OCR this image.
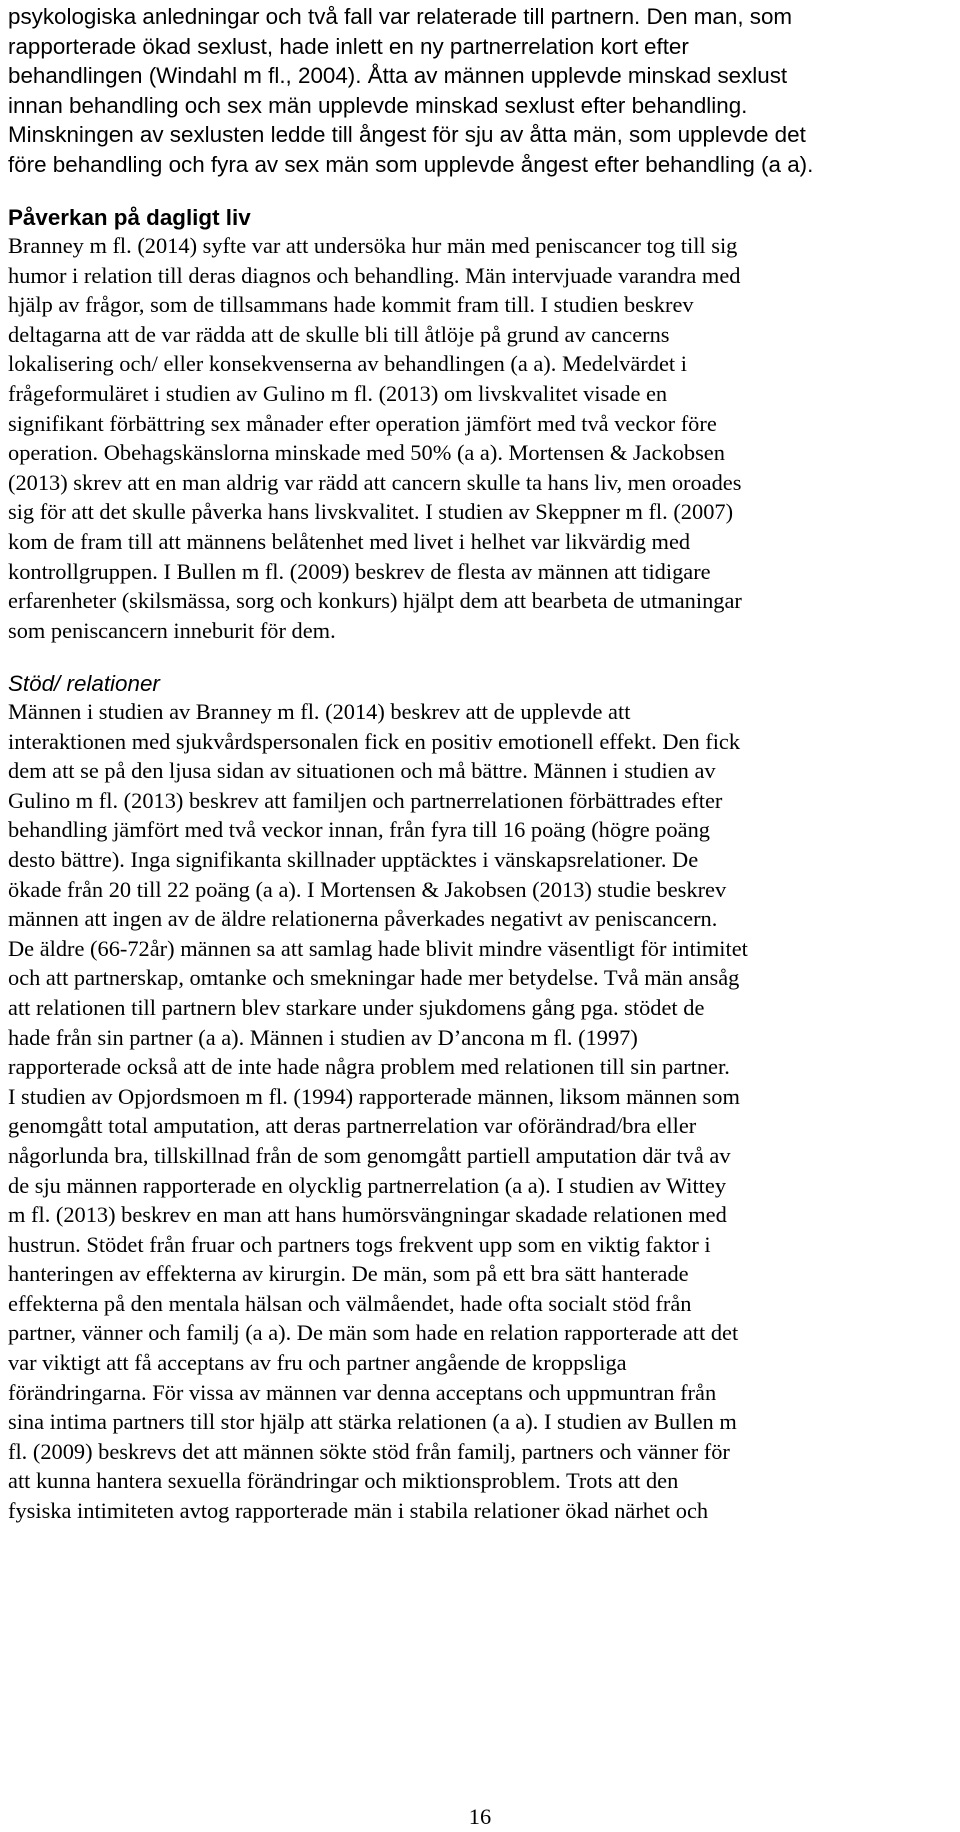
psykologiska anledningar och två fall var relaterade till partnern. Den man, som
rapporterade ökad sexlust, hade inlett en ny partnerrelation kort efter
behandlingen (Windahl m fl., 2004). Åtta av männen upplevde minskad sexlust
innan behandling och sex män upplevde minskad sexlust efter behandling.
Minskningen av sexlusten ledde till ångest för sju av åtta män, som upplevde det
före behandling och fyra av sex män som upplevde ångest efter behandling (a a).
Påverkan på dagligt liv
Branney m fl. (2014) syfte var att undersöka hur män med peniscancer tog till sig
humor i relation till deras diagnos och behandling. Män intervjuade varandra med
hjälp av frågor, som de tillsammans hade kommit fram till. I studien beskrev
deltagarna att de var rädda att de skulle bli till åtlöje på grund av cancerns
lokalisering och/ eller konsekvenserna av behandlingen (a a). Medelvärdet i
frågeformuläret i studien av Gulino m fl. (2013) om livskvalitet visade en
signifikant förbättring sex månader efter operation jämfört med två veckor före
operation. Obehagskänslorna minskade med 50% (a a). Mortensen & Jackobsen
(2013) skrev att en man aldrig var rädd att cancern skulle ta hans liv, men oroades
sig för att det skulle påverka hans livskvalitet. I studien av Skeppner m fl. (2007)
kom de fram till att männens belåtenhet med livet i helhet var likvärdig med
kontrollgruppen. I Bullen m fl. (2009) beskrev de flesta av männen att tidigare
erfarenheter (skilsmässa, sorg och konkurs) hjälpt dem att bearbeta de utmaningar
som peniscancern inneburit för dem.
Stöd/ relationer
Männen i studien av Branney m fl. (2014) beskrev att de upplevde att
interaktionen med sjukvårdspersonalen fick en positiv emotionell effekt. Den fick
dem att se på den ljusa sidan av situationen och må bättre. Männen i studien av
Gulino m fl. (2013) beskrev att familjen och partnerrelationen förbättrades efter
behandling jämfört med två veckor innan, från fyra till 16 poäng (högre poäng
desto bättre). Inga signifikanta skillnader upptäcktes i vänskapsrelationer. De
ökade från 20 till 22 poäng (a a). I Mortensen & Jakobsen (2013) studie beskrev
männen att ingen av de äldre relationerna påverkades negativt av peniscancern.
De äldre (66-72år) männen sa att samlag hade blivit mindre väsentligt för intimitet
och att partnerskap, omtanke och smekningar hade mer betydelse. Två män ansåg
att relationen till partnern blev starkare under sjukdomens gång pga. stödet de
hade från sin partner (a a). Männen i studien av D’ancona m fl. (1997)
rapporterade också att de inte hade några problem med relationen till sin partner.
I studien av Opjordsmoen m fl. (1994) rapporterade männen, liksom männen som
genomgått total amputation, att deras partnerrelation var oförändrad/bra eller
någorlunda bra, tillskillnad från de som genomgått partiell amputation där två av
de sju männen rapporterade en olycklig partnerrelation (a a). I studien av Wittey
m fl. (2013) beskrev en man att hans humörsvängningar skadade relationen med
hustrun. Stödet från fruar och partners togs frekvent upp som en viktig faktor i
hanteringen av effekterna av kirurgin. De män, som på ett bra sätt hanterade
effekterna på den mentala hälsan och välmåendet, hade ofta socialt stöd från
partner, vänner och familj (a a). De män som hade en relation rapporterade att det
var viktigt att få acceptans av fru och partner angående de kroppsliga
förändringarna. För vissa av männen var denna acceptans och uppmuntran från
sina intima partners till stor hjälp att stärka relationen (a a). I studien av Bullen m
fl. (2009) beskrevs det att männen sökte stöd från familj, partners och vänner för
att kunna hantera sexuella förändringar och miktionsproblem. Trots att den
fysiska intimiteten avtog rapporterade män i stabila relationer ökad närhet och
16
